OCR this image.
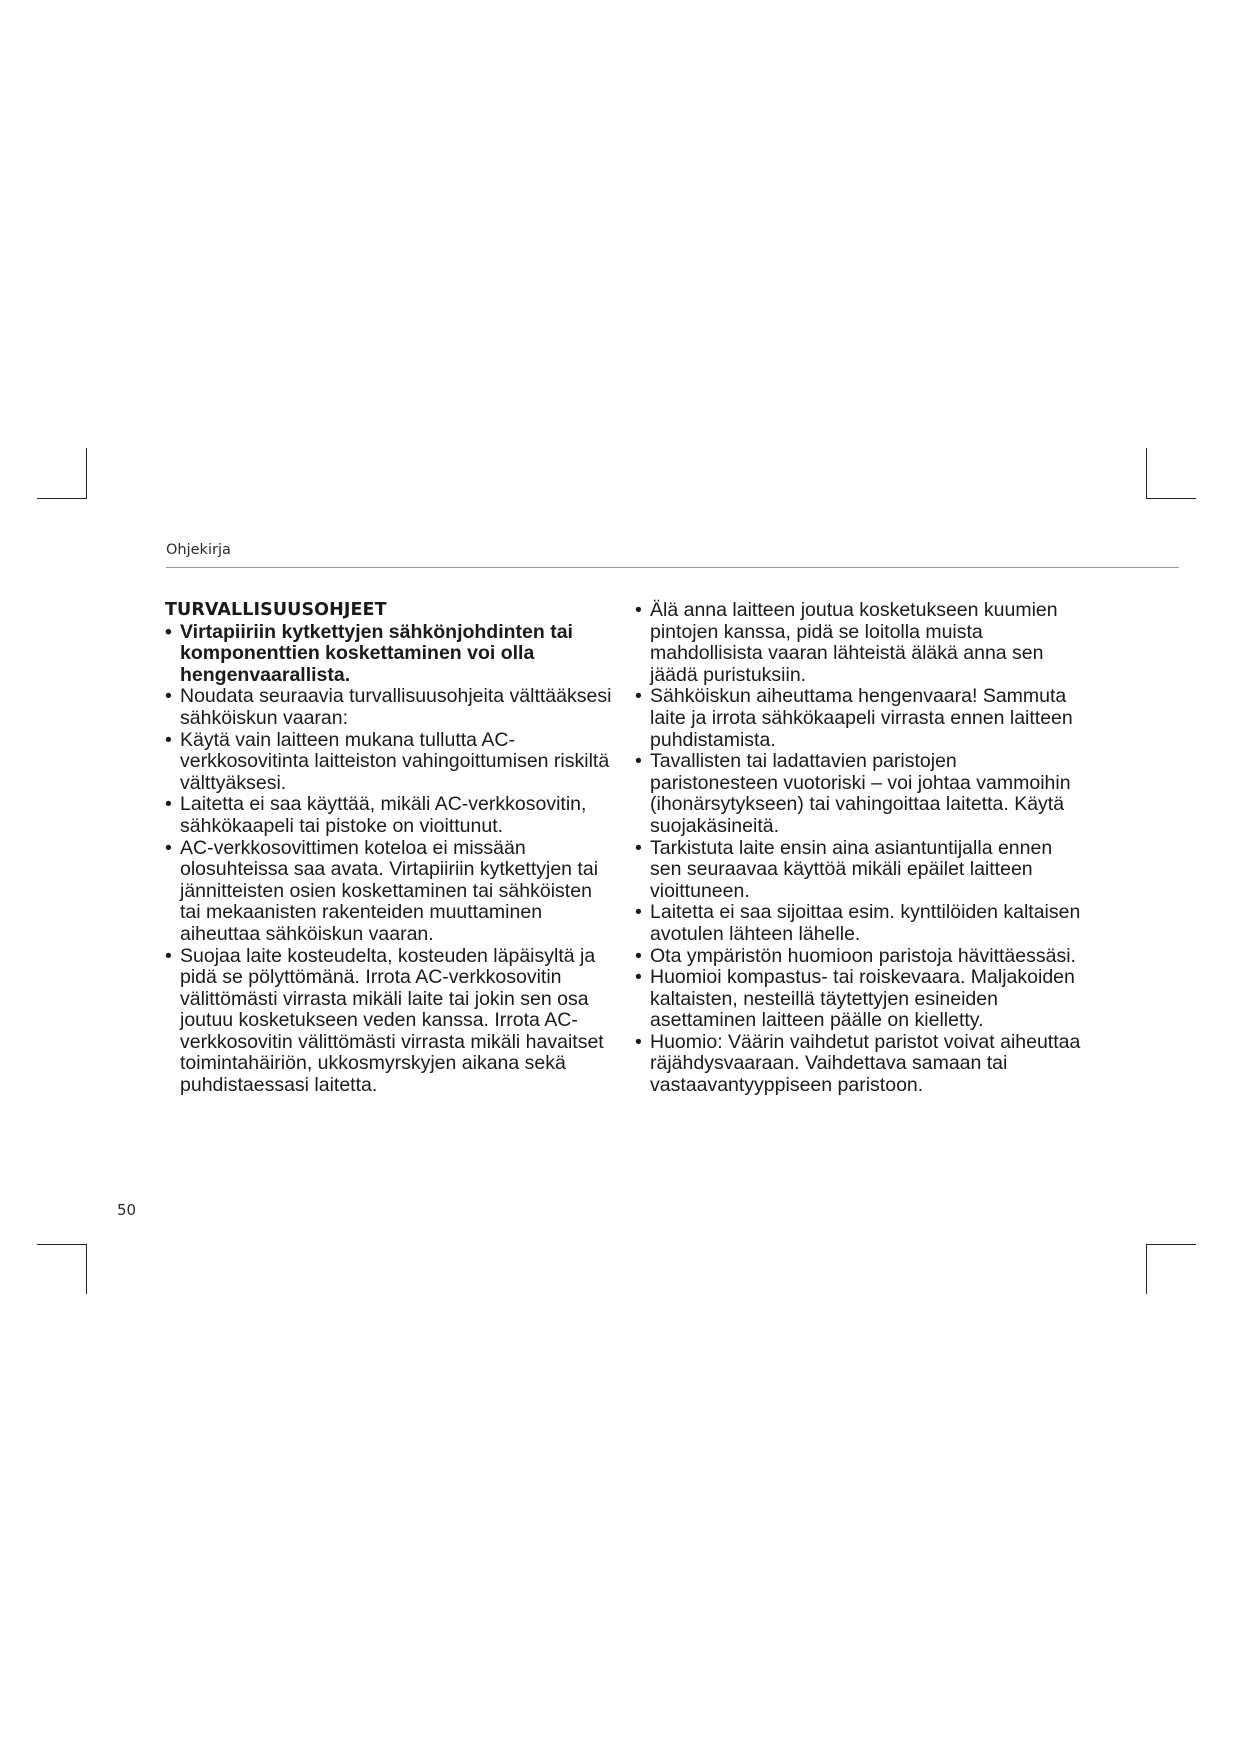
Ohjekirja
TURVALLISUUSOHJEET
• Virtapiiriin kytkettyjen sähkönjohdinten tai komponenttien koskettaminen voi olla hengenvaarallista.
• Noudata seuraavia turvallisuusohjeita välttääksesi sähköiskun vaaran:
• Käytä vain laitteen mukana tullutta AC-verkkosovitinta laitteiston vahingoittumisen riskiltä välttyäksesi.
• Laitetta ei saa käyttää, mikäli AC-verkkosovitin, sähkökaapeli tai pistoke on vioittunut.
• AC-verkkosovittimen koteloa ei missään olosuhteissa saa avata. Virtapiiriin kytkettyjen tai jännitteisten osien koskettaminen tai sähköisten tai mekaanisten rakenteiden muuttaminen aiheuttaa sähköiskun vaaran.
• Suojaa laite kosteudelta, kosteuden läpäisyltä ja pidä se pölyttömänä. Irrota AC-verkkosovitin välittömästi virrasta mikäli laite tai jokin sen osa joutuu kosketukseen veden kanssa. Irrota AC-verkkosovitin välittömästi virrasta mikäli havaitset toimintahäiriön, ukkosmyrskyjen aikana sekä puhdistaessasi laitetta.
• Älä anna laitteen joutua kosketukseen kuumien pintojen kanssa, pidä se loitolla muista mahdollisista vaaran lähteistä äläkä anna sen jäädä puristuksiin.
• Sähköiskun aiheuttama hengenvaara! Sammuta laite ja irrota sähkökaapeli virrasta ennen laitteen puhdistamista.
• Tavallisten tai ladattavien paristojen paristonesteen vuotoriski – voi johtaa vammoihin (ihonärsytykseen) tai vahingoittaa laitetta. Käytä suojakäsineitä.
• Tarkistuta laite ensin aina asiantuntijalla ennen sen seuraavaa käyttöä mikäli epäilet laitteen vioittuneen.
• Laitetta ei saa sijoittaa esim. kynttilöiden kaltaisen avotulen lähteen lähelle.
• Ota ympäristön huomioon paristoja hävittäessäsi.
• Huomioi kompastus- tai roiskevaara. Maljakoiden kaltaisten, nesteillä täytettyjen esineiden asettaminen laitteen päälle on kielletty.
• Huomio: Väärin vaihdetut paristot voivat aiheuttaa räjähdysvaaraan. Vaihdettava samaan tai vastaavantyyppiseen paristoon.
50
